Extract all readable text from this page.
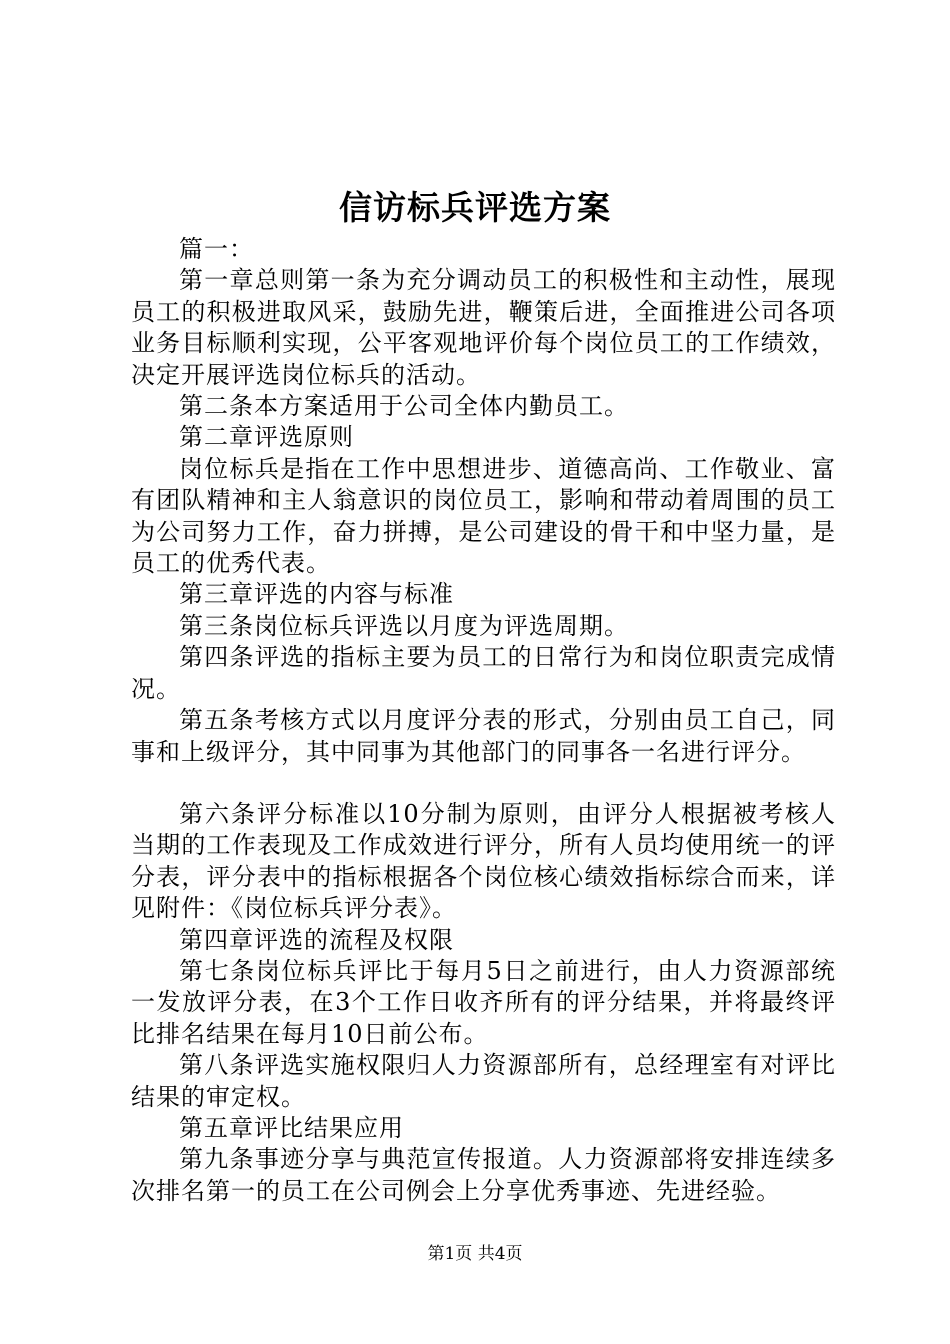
信访标兵评选方案

篇一：

第一章总则第一条为充分调动员工的积极性和主动性，展现员工的积极进取风采，鼓励先进，鞭策后进，全面推进公司各项业务目标顺利实现，公平客观地评价每个岗位员工的工作绩效，决定开展评选岗位标兵的活动。

第二条本方案适用于公司全体内勤员工。

第二章评选原则

岗位标兵是指在工作中思想进步、道德高尚、工作敬业、富有团队精神和主人翁意识的岗位员工，影响和带动着周围的员工为公司努力工作，奋力拼搏，是公司建设的骨干和中坚力量，是员工的优秀代表。

第三章评选的内容与标准

第三条岗位标兵评选以月度为评选周期。

第四条评选的指标主要为员工的日常行为和岗位职责完成情况。

第五条考核方式以月度评分表的形式，分别由员工自己，同事和上级评分，其中同事为其他部门的同事各一名进行评分。

第六条评分标准以10分制为原则，由评分人根据被考核人当期的工作表现及工作成效进行评分，所有人员均使用统一的评分表，评分表中的指标根据各个岗位核心绩效指标综合而来，详见附件：《岗位标兵评分表》。

第四章评选的流程及权限

第七条岗位标兵评比于每月5日之前进行，由人力资源部统一发放评分表，在3个工作日收齐所有的评分结果，并将最终评比排名结果在每月10日前公布。

第八条评选实施权限归人力资源部所有，总经理室有对评比结果的审定权。

第五章评比结果应用

第九条事迹分享与典范宣传报道。人力资源部将安排连续多次排名第一的员工在公司例会上分享优秀事迹、先进经验。

第1页 共4页
